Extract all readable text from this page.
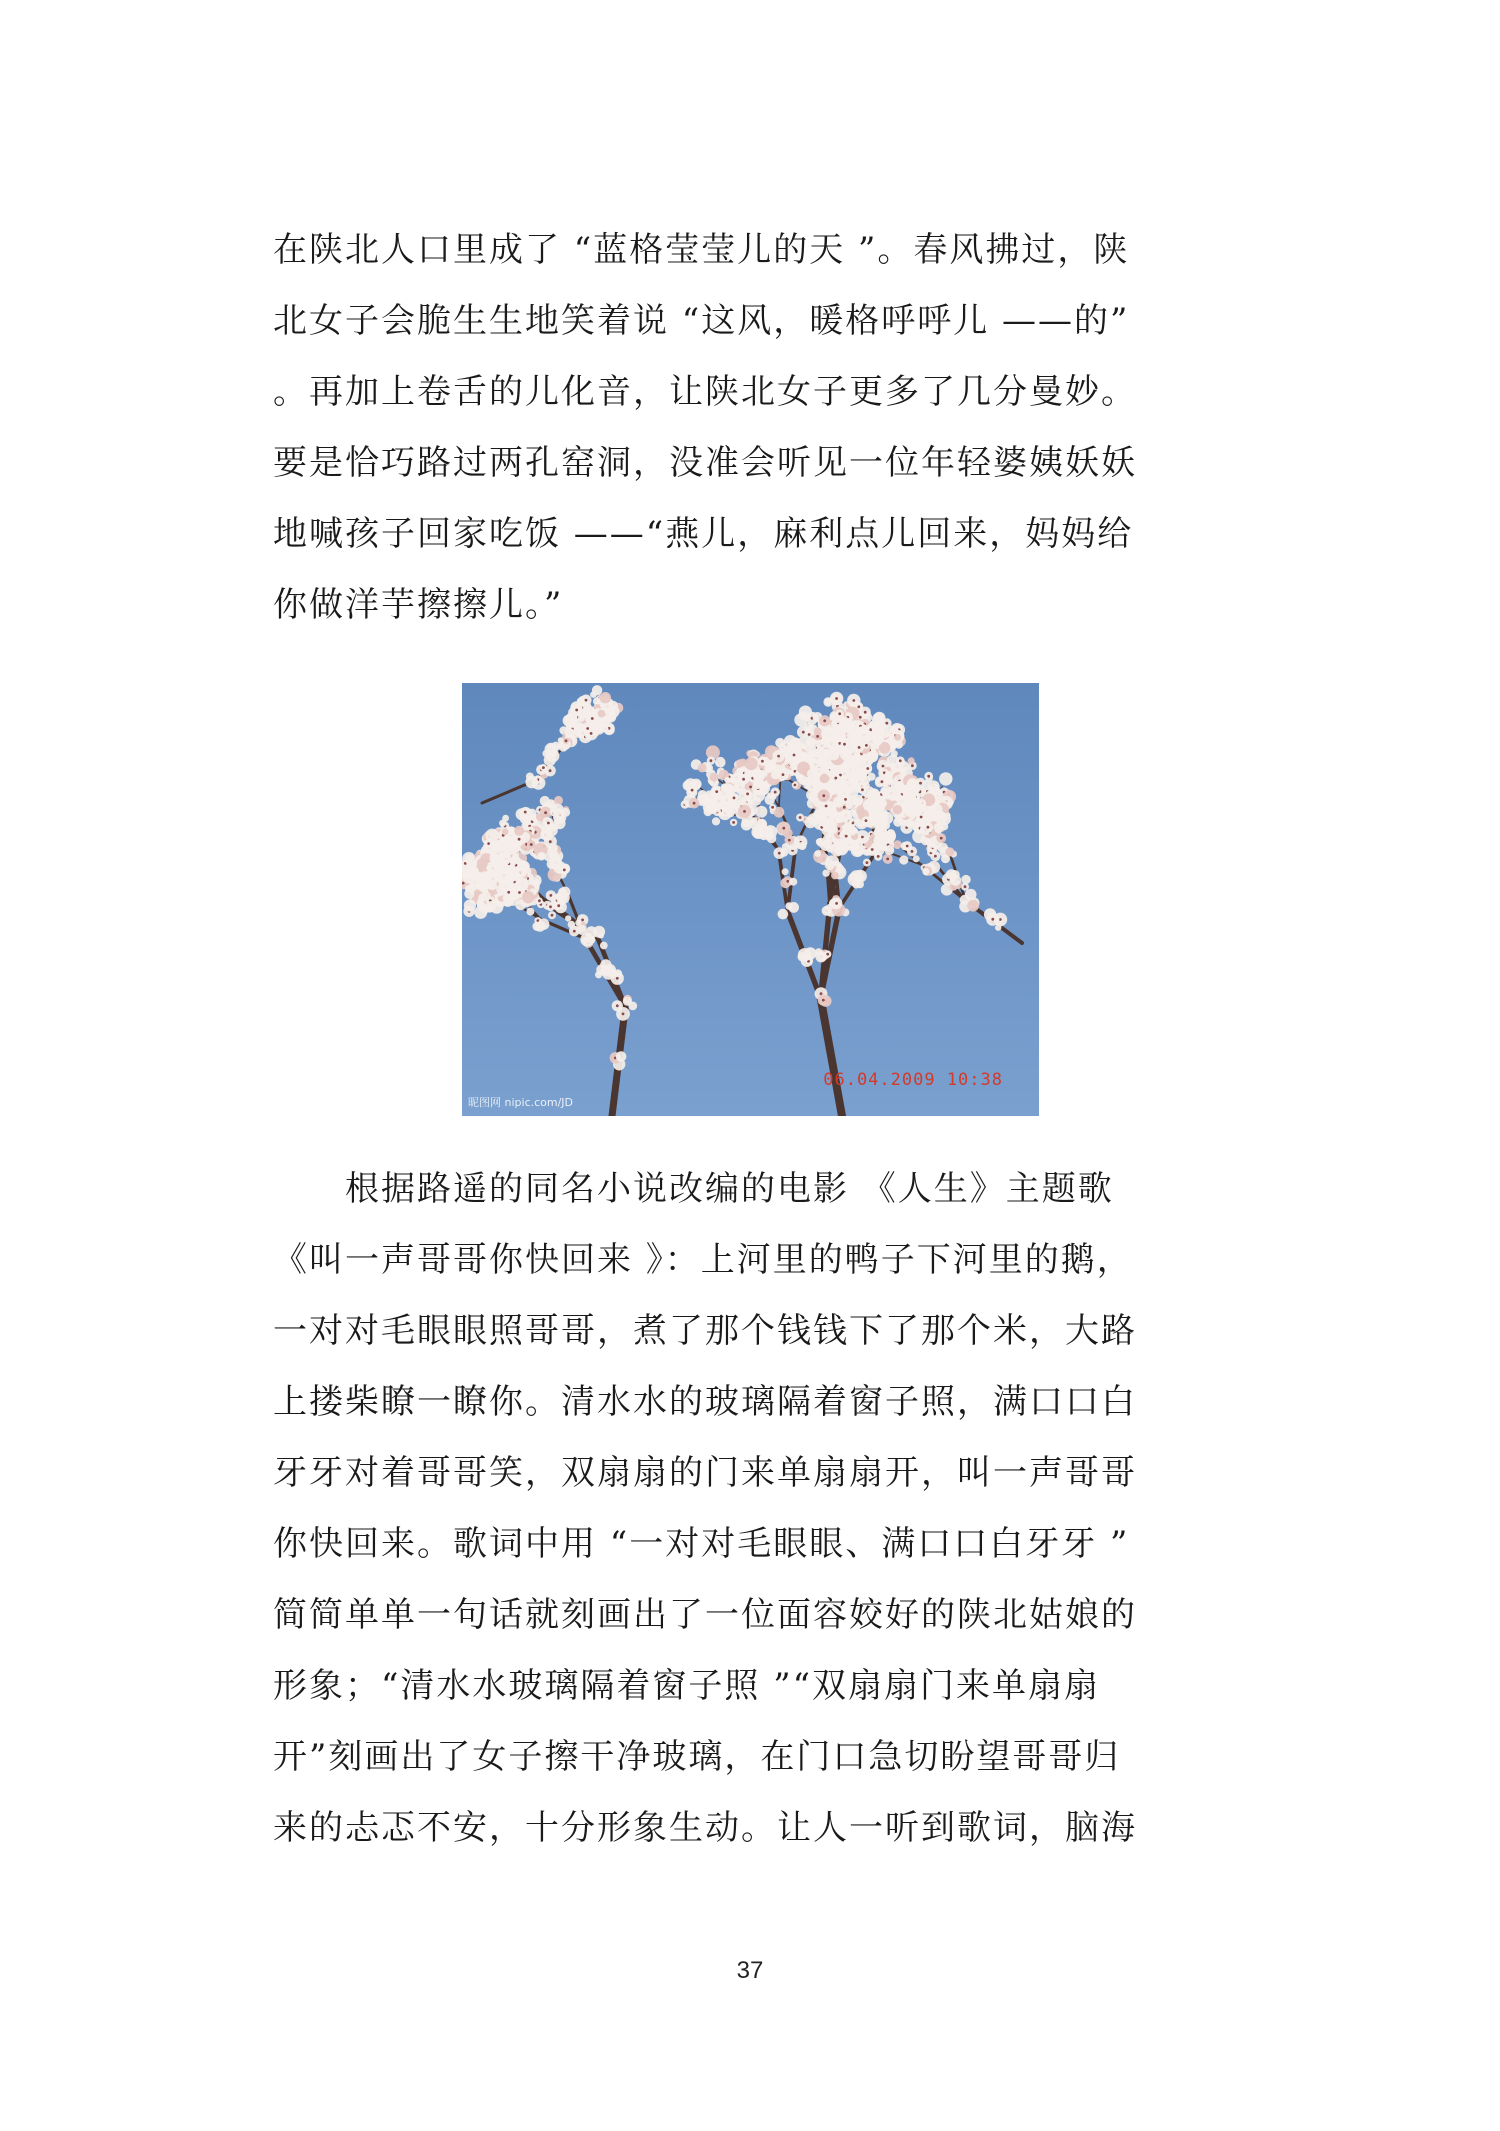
在陕北人口里成了 “蓝格莹莹儿的天 ”。春风拂过，陕
北女子会脆生生地笑着说 “这风，暖格呼呼儿 ——的”
。再加上卷舌的儿化音，让陕北女子更多了几分曼妙。
要是恰巧路过两孔窑洞，没准会听见一位年轻婆姨妖妖
地喊孩子回家吃饭 ——“燕儿，麻利点儿回来，妈妈给
你做洋芋擦擦儿。”
06.04.2009 10:38
昵图网 nipic.com/JD
　　根据路遥的同名小说改编的电影 《人生》主题歌
《叫一声哥哥你快回来 》：上河里的鸭子下河里的鹅，
一对对毛眼眼照哥哥，煮了那个钱钱下了那个米，大路
上搂柴瞭一瞭你。清水水的玻璃隔着窗子照，满口口白
牙牙对着哥哥笑，双扇扇的门来单扇扇开，叫一声哥哥
你快回来。歌词中用 “一对对毛眼眼、满口口白牙牙 ”
简简单单一句话就刻画出了一位面容姣好的陕北姑娘的
形象；“清水水玻璃隔着窗子照 ”“双扇扇门来单扇扇
开”刻画出了女子擦干净玻璃，在门口急切盼望哥哥归
来的忐忑不安，十分形象生动。让人一听到歌词，脑海
37
